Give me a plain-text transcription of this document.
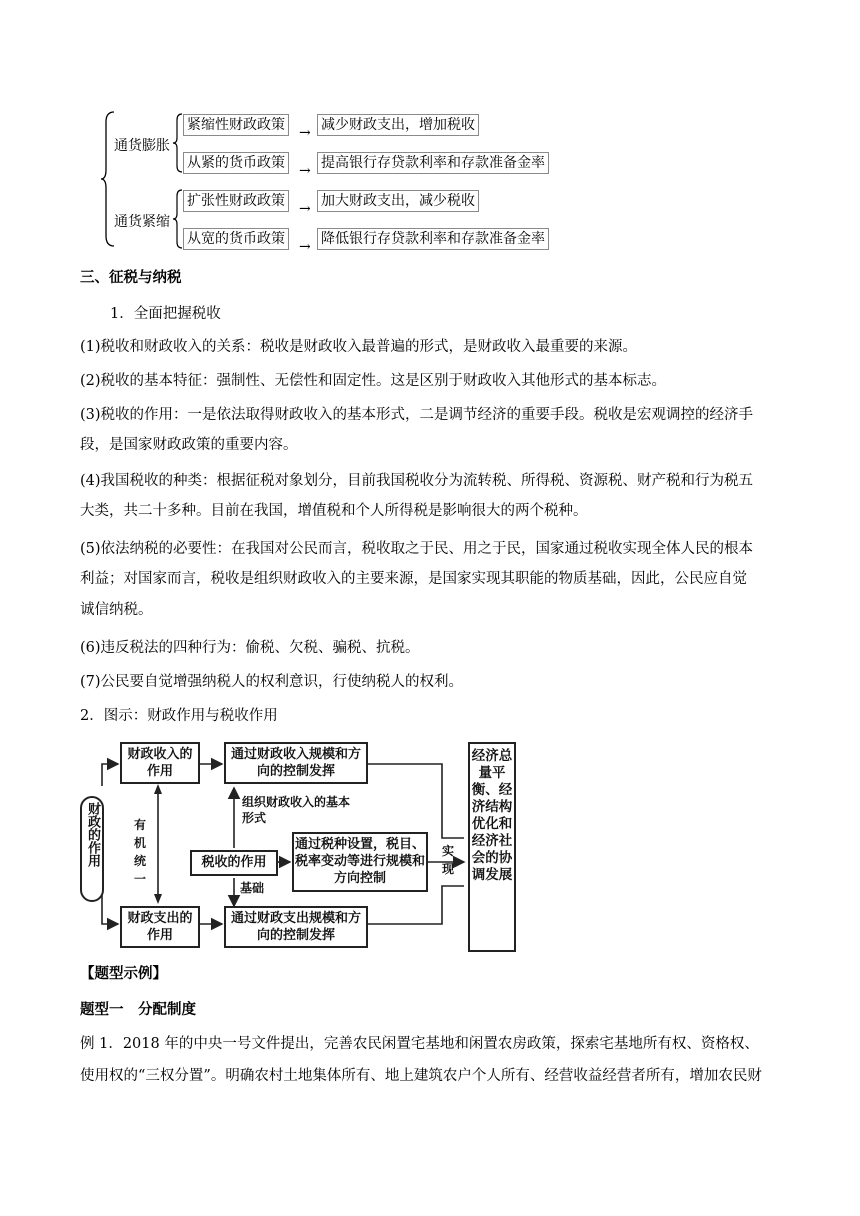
通货膨胀
通货紧缩
紧缩性财政政策 → 减少财政支出，增加税收
从紧的货币政策 → 提高银行存贷款利率和存款准备金率
扩张性财政政策 → 加大财政支出，减少税收
从宽的货币政策 → 降低银行存贷款利率和存款准备金率
三、征税与纳税
1．全面把握税收
(1)税收和财政收入的关系：税收是财政收入最普遍的形式，是财政收入最重要的来源。
(2)税收的基本特征：强制性、无偿性和固定性。这是区别于财政收入其他形式的基本标志。
(3)税收的作用：一是依法取得财政收入的基本形式，二是调节经济的重要手段。税收是宏观调控的经济手
段，是国家财政政策的重要内容。
(4)我国税收的种类：根据征税对象划分，目前我国税收分为流转税、所得税、资源税、财产税和行为税五
大类，共二十多种。目前在我国，增值税和个人所得税是影响很大的两个税种。
(5)依法纳税的必要性：在我国对公民而言，税收取之于民、用之于民，国家通过税收实现全体人民的根本
利益；对国家而言，税收是组织财政收入的主要来源，是国家实现其职能的物质基础，因此，公民应自觉
诚信纳税。
(6)违反税法的四种行为：偷税、欠税、骗税、抗税。
(7)公民要自觉增强纳税人的权利意识，行使纳税人的权利。
2．图示：财政作用与税收作用
财政的作用
财政收入的作用
通过财政收入规模和方向的控制发挥
组织财政收入的基本形式
有机统一
税收的作用
通过税种设置，税目、税率变动等进行规模和方向控制
基础
实现
财政支出的作用
通过财政支出规模和方向的控制发挥
经济总量平衡、经济结构优化和经济社会的协调发展
【题型示例】
题型一　分配制度
例 1．2018 年的中央一号文件提出，完善农民闲置宅基地和闲置农房政策，探索宅基地所有权、资格权、
使用权的“三权分置”。明确农村土地集体所有、地上建筑农户个人所有、经营收益经营者所有，增加农民财
